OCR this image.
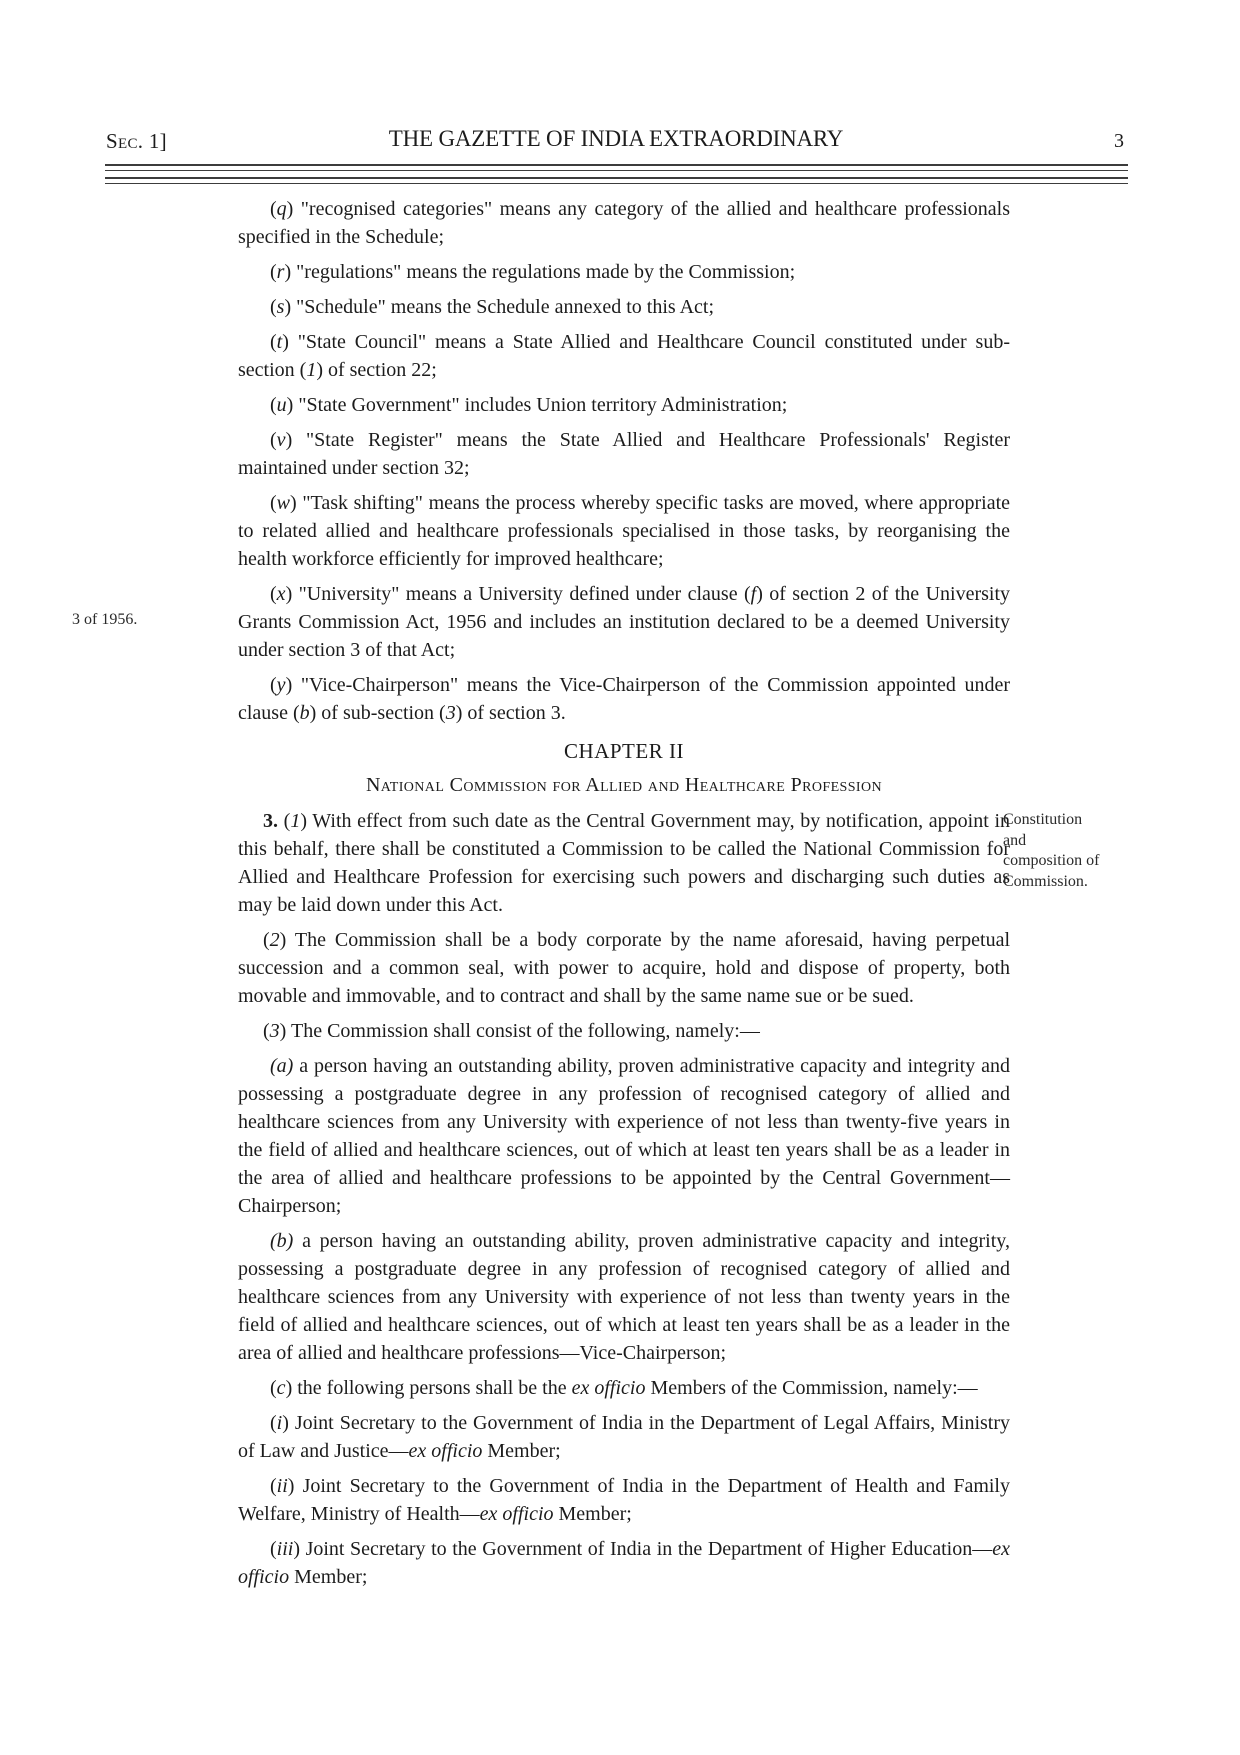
Sec. 1]	THE GAZETTE OF INDIA EXTRAORDINARY	3

(q) "recognised categories" means any category of the allied and healthcare professionals specified in the Schedule;

(r) "regulations" means the regulations made by the Commission;

(s) "Schedule" means the Schedule annexed to this Act;

(t) "State Council" means a State Allied and Healthcare Council constituted under sub-section (1) of section 22;

(u) "State Government" includes Union territory Administration;

(v) "State Register" means the State Allied and Healthcare Professionals' Register maintained under section 32;

(w) "Task shifting" means the process whereby specific tasks are moved, where appropriate to related allied and healthcare professionals specialised in those tasks, by reorganising the health workforce efficiently for improved healthcare;

3 of 1956.
(x) "University" means a University defined under clause (f) of section 2 of the University Grants Commission Act, 1956 and includes an institution declared to be a deemed University under section 3 of that Act;

(y) "Vice-Chairperson" means the Vice-Chairperson of the Commission appointed under clause (b) of sub-section (3) of section 3.

CHAPTER II
National Commission for Allied and Healthcare Profession

Constitution and composition of Commission.
3. (1) With effect from such date as the Central Government may, by notification, appoint in this behalf, there shall be constituted a Commission to be called the National Commission for Allied and Healthcare Profession for exercising such powers and discharging such duties as may be laid down under this Act.

(2) The Commission shall be a body corporate by the name aforesaid, having perpetual succession and a common seal, with power to acquire, hold and dispose of property, both movable and immovable, and to contract and shall by the same name sue or be sued.

(3) The Commission shall consist of the following, namely:—

(a) a person having an outstanding ability, proven administrative capacity and integrity and possessing a postgraduate degree in any profession of recognised category of allied and healthcare sciences from any University with experience of not less than twenty-five years in the field of allied and healthcare sciences, out of which at least ten years shall be as a leader in the area of allied and healthcare professions to be appointed by the Central Government—Chairperson;

(b) a person having an outstanding ability, proven administrative capacity and integrity, possessing a postgraduate degree in any profession of recognised category of allied and healthcare sciences from any University with experience of not less than twenty years in the field of allied and healthcare sciences, out of which at least ten years shall be as a leader in the area of allied and healthcare professions—Vice-Chairperson;

(c) the following persons shall be the ex officio Members of the Commission, namely:—

(i) Joint Secretary to the Government of India in the Department of Legal Affairs, Ministry of Law and Justice—ex officio Member;

(ii) Joint Secretary to the Government of India in the Department of Health and Family Welfare, Ministry of Health—ex officio Member;

(iii) Joint Secretary to the Government of India in the Department of Higher Education—ex officio Member;
